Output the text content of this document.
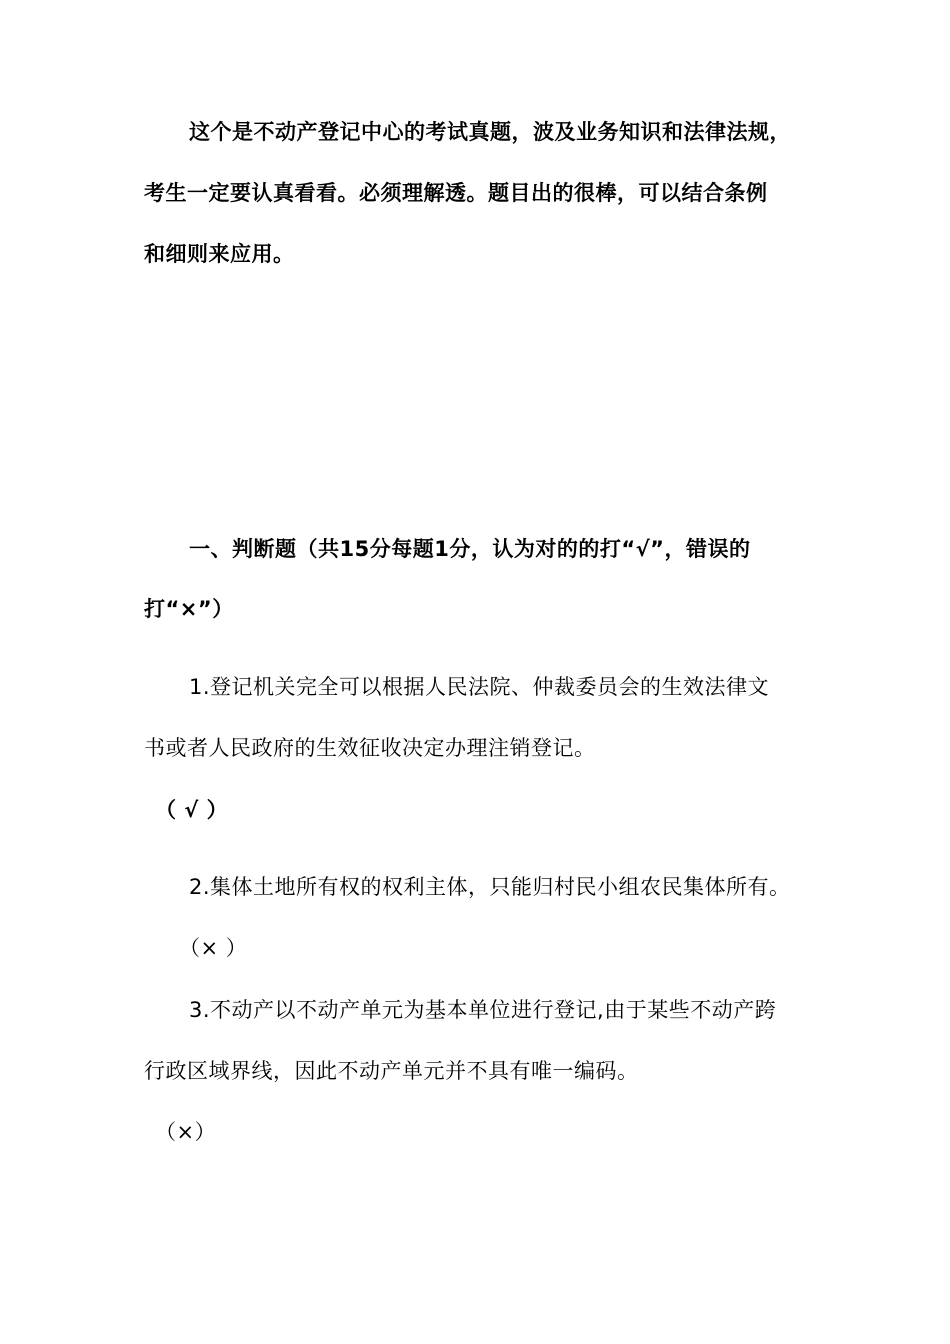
这个是不动产登记中心的考试真题，波及业务知识和法律法规，
考生一定要认真看看。必须理解透。题目出的很棒，可以结合条例
和细则来应用。
一、判断题（共15分每题1分，认为对的的打“√”，错误的
打“×”）
1.登记机关完全可以根据人民法院、仲裁委员会的生效法律文
书或者人民政府的生效征收决定办理注销登记。
（ √ ）
2.集体土地所有权的权利主体，只能归村民小组农民集体所有。
（× ）
3.不动产以不动产单元为基本单位进行登记,由于某些不动产跨
行政区域界线，因此不动产单元并不具有唯一编码。
（×）
